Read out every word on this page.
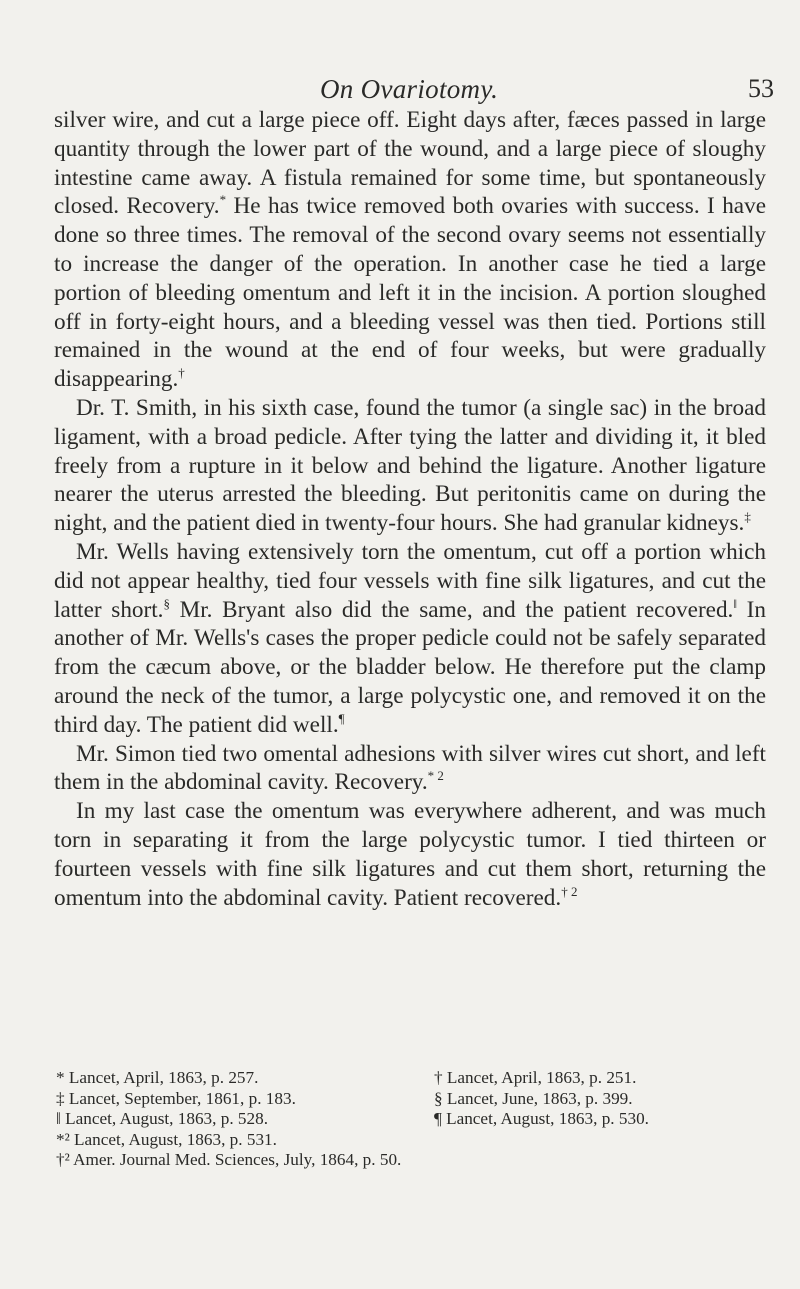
On Ovariotomy.	53

silver wire, and cut a large piece off. Eight days after, fæces passed in large quantity through the lower part of the wound, and a large piece of sloughy intestine came away. A fistula remained for some time, but spontaneously closed. Recovery.* He has twice removed both ovaries with success. I have done so three times. The removal of the second ovary seems not essentially to increase the danger of the operation. In another case he tied a large portion of bleeding omentum and left it in the incision. A portion sloughed off in forty-eight hours, and a bleeding vessel was then tied. Portions still remained in the wound at the end of four weeks, but were gradually disappearing.†

Dr. T. Smith, in his sixth case, found the tumor (a single sac) in the broad ligament, with a broad pedicle. After tying the latter and dividing it, it bled freely from a rupture in it below and behind the ligature. Another ligature nearer the uterus arrested the bleeding. But peritonitis came on during the night, and the patient died in twenty-four hours. She had granular kidneys.‡

Mr. Wells having extensively torn the omentum, cut off a portion which did not appear healthy, tied four vessels with fine silk ligatures, and cut the latter short.§ Mr. Bryant also did the same, and the patient recovered.‖ In another of Mr. Wells's cases the proper pedicle could not be safely separated from the cæcum above, or the bladder below. He therefore put the clamp around the neck of the tumor, a large polycystic one, and removed it on the third day. The patient did well.¶

Mr. Simon tied two omental adhesions with silver wires cut short, and left them in the abdominal cavity. Recovery.$^{* 2}$

In my last case the omentum was everywhere adherent, and was much torn in separating it from the large polycystic tumor. I tied thirteen or fourteen vessels with fine silk ligatures and cut them short, returning the omentum into the abdominal cavity. Patient recovered.$^{\dagger 2}$

* Lancet, April, 1863, p. 257.	† Lancet, April, 1863, p. 251.
‡ Lancet, September, 1861, p. 183.	§ Lancet, June, 1863, p. 399.
‖ Lancet, August, 1863, p. 528.	¶ Lancet, August, 1863, p. 530.
*² Lancet, August, 1863, p. 531.
†² Amer. Journal Med. Sciences, July, 1864, p. 50.
